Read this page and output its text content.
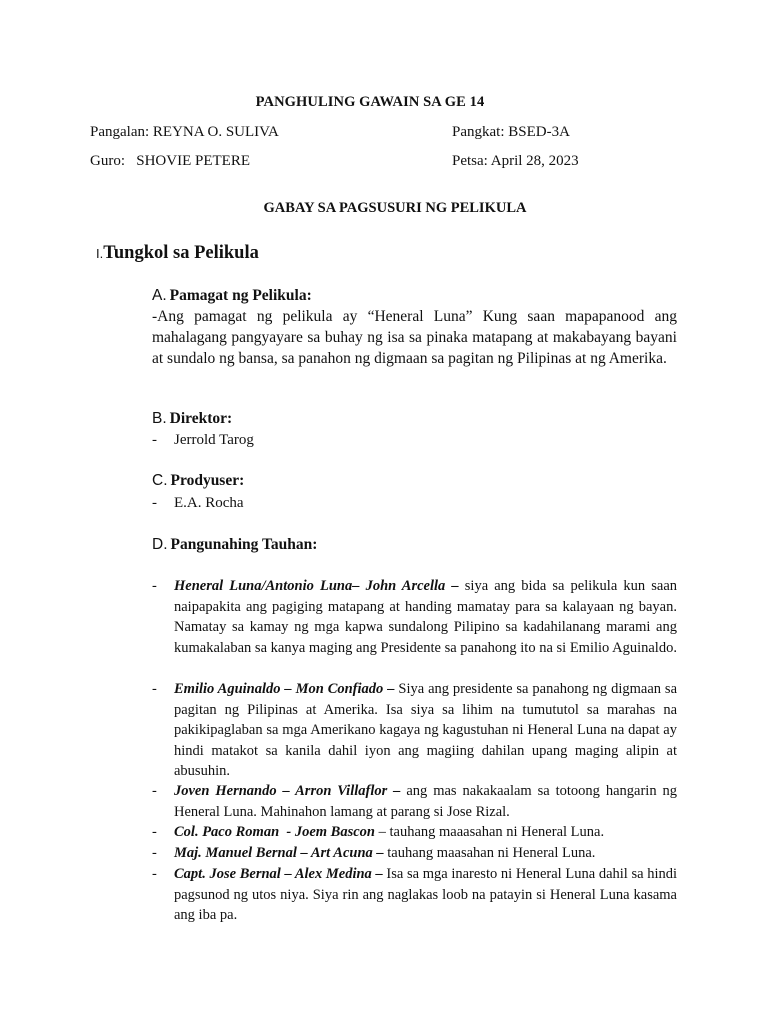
PANGHULING GAWAIN SA GE 14
Pangalan: REYNA O. SULIVA	Pangkat: BSED-3A
Guro:   SHOVIE PETERE	Petsa: April 28, 2023
GABAY SA PAGSUSURI NG PELIKULA
I.Tungkol sa Pelikula
A. Pamagat ng Pelikula:
-Ang pamagat ng pelikula ay “Heneral Luna” Kung saan mapapanood ang mahalagang pangyayare sa buhay ng isa sa pinaka matapang at makabayang bayani at sundalo ng bansa, sa panahon ng digmaan sa pagitan ng Pilipinas at ng Amerika.
B. Direktor:
- Jerrold Tarog
C. Prodyuser:
- E.A. Rocha
D. Pangunahing Tauhan:
- Heneral Luna/Antonio Luna– John Arcella – siya ang bida sa pelikula kun saan naipapakita ang pagiging matapang at handing mamatay para sa kalayaan ng bayan. Namatay sa kamay ng mga kapwa sundalong Pilipino sa kadahilanang marami ang kumakalaban sa kanya maging ang Presidente sa panahong ito na si Emilio Aguinaldo.
- Emilio Aguinaldo – Mon Confiado – Siya ang presidente sa panahong ng digmaan sa pagitan ng Pilipinas at Amerika. Isa siya sa lihim na tumututol sa marahas na pakikipaglaban sa mga Amerikano kagaya ng kagustuhan ni Heneral Luna na dapat ay hindi matakot sa kanila dahil iyon ang magiing dahilan upang maging alipin at abusuhin.
- Joven Hernando – Arron Villaflor – ang mas nakakaalam sa totoong hangarin ng Heneral Luna. Mahinahon lamang at parang si Jose Rizal.
- Col. Paco Roman  - Joem Bascon – tauhang maaasahan ni Heneral Luna.
- Maj. Manuel Bernal – Art Acuna – tauhang maasahan ni Heneral Luna.
- Capt. Jose Bernal – Alex Medina – Isa sa mga inaresto ni Heneral Luna dahil sa hindi pagsunod ng utos niya. Siya rin ang naglakas loob na patayin si Heneral Luna kasama ang iba pa.
